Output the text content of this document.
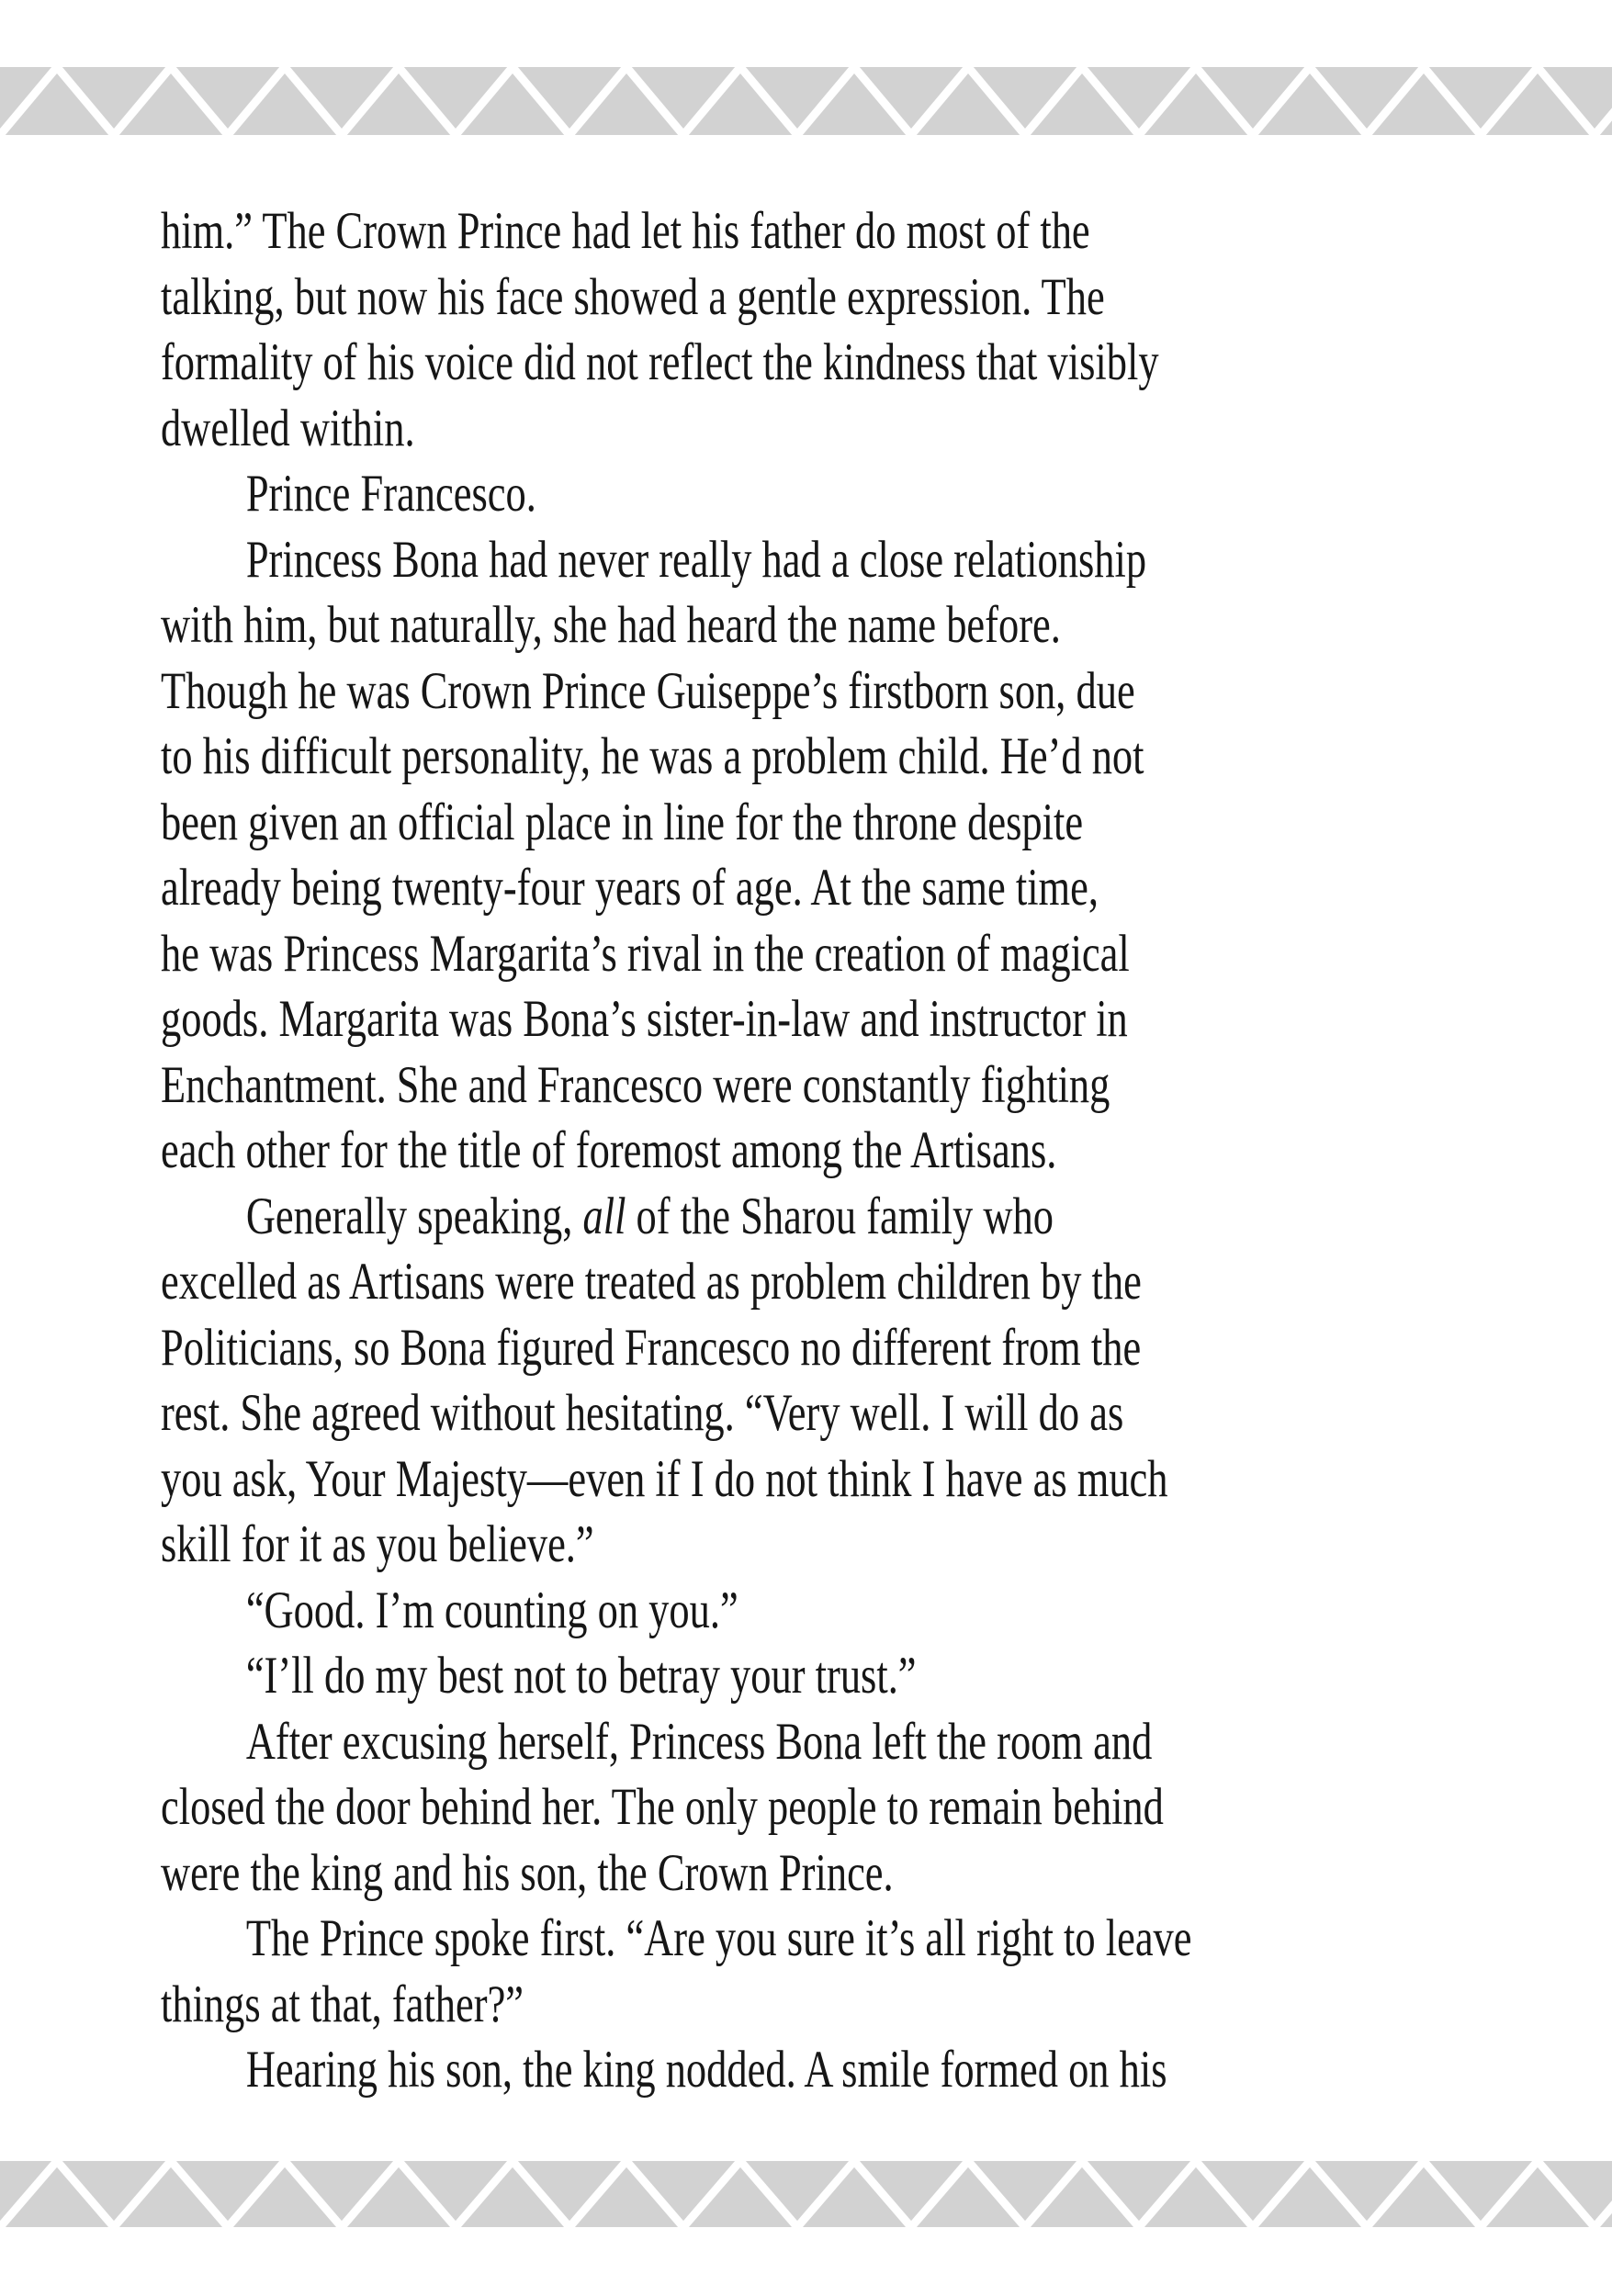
him.” The Crown Prince had let his father do most of the
talking, but now his face showed a gentle expression. The
formality of his voice did not reflect the kindness that visibly
dwelled within.
Prince Francesco.
Princess Bona had never really had a close relationship
with him, but naturally, she had heard the name before.
Though he was Crown Prince Guiseppe’s firstborn son, due
to his difficult personality, he was a problem child. He’d not
been given an official place in line for the throne despite
already being twenty-four years of age. At the same time,
he was Princess Margarita’s rival in the creation of magical
goods. Margarita was Bona’s sister-in-law and instructor in
Enchantment. She and Francesco were constantly fighting
each other for the title of foremost among the Artisans.
Generally speaking, all of the Sharou family who
excelled as Artisans were treated as problem children by the
Politicians, so Bona figured Francesco no different from the
rest. She agreed without hesitating. “Very well. I will do as
you ask, Your Majesty—even if I do not think I have as much
skill for it as you believe.”
“Good. I’m counting on you.”
“I’ll do my best not to betray your trust.”
After excusing herself, Princess Bona left the room and
closed the door behind her. The only people to remain behind
were the king and his son, the Crown Prince.
The Prince spoke first. “Are you sure it’s all right to leave
things at that, father?”
Hearing his son, the king nodded. A smile formed on his
